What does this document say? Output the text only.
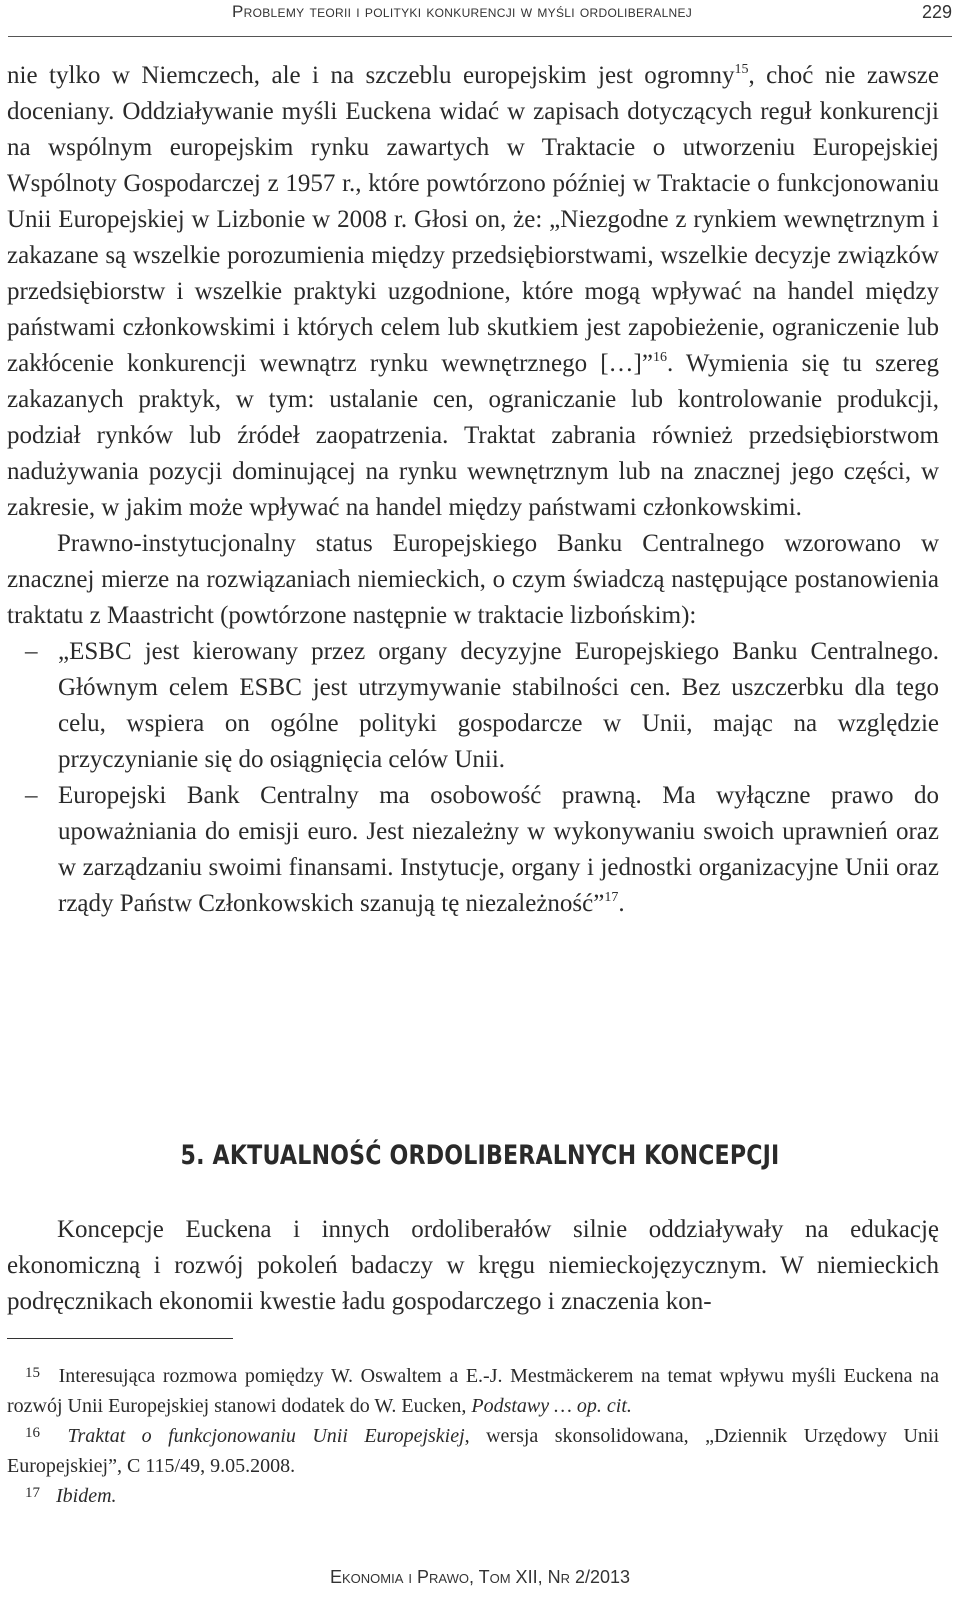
Problemy teorii i polityki konkurencji w myśli ordoliberalnej	229

nie tylko w Niemczech, ale i na szczeblu europejskim jest ogromny$^{15}$, choć nie zawsze doceniany. Oddziaływanie myśli Euckena widać w zapisach dotyczących reguł konkurencji na wspólnym europejskim rynku zawartych w Traktacie o utworzeniu Europejskiej Wspólnoty Gospodarczej z 1957 r., które powtórzono później w Traktacie o funkcjonowaniu Unii Europejskiej w Lizbonie w 2008 r. Głosi on, że: „Niezgodne z rynkiem wewnętrznym i zakazane są wszelkie porozumienia między przedsiębiorstwami, wszelkie decyzje związków przedsiębiorstw i wszelkie praktyki uzgodnione, które mogą wpływać na handel między państwami członkowskimi i których celem lub skutkiem jest zapobieżenie, ograniczenie lub zakłócenie konkurencji wewnątrz rynku wewnętrznego […]”$^{16}$. Wymienia się tu szereg zakazanych praktyk, w tym: ustalanie cen, ograniczanie lub kontrolowanie produkcji, podział rynków lub źródeł zaopatrzenia. Traktat zabrania również przedsiębiorstwom nadużywania pozycji dominującej na rynku wewnętrznym lub na znacznej jego części, w zakresie, w jakim może wpływać na handel między państwami członkowskimi.

Prawno-instytucjonalny status Europejskiego Banku Centralnego wzorowano w znacznej mierze na rozwiązaniach niemieckich, o czym świadczą następujące postanowienia traktatu z Maastricht (powtórzone następnie w traktacie lizbońskim):

– „ESBC jest kierowany przez organy decyzyjne Europejskiego Banku Centralnego. Głównym celem ESBC jest utrzymywanie stabilności cen. Bez uszczerbku dla tego celu, wspiera on ogólne polityki gospodarcze w Unii, mając na względzie przyczynianie się do osiągnięcia celów Unii.
– Europejski Bank Centralny ma osobowość prawną. Ma wyłączne prawo do upoważniania do emisji euro. Jest niezależny w wykonywaniu swoich uprawnień oraz w zarządzaniu swoimi finansami. Instytucje, organy i jednostki organizacyjne Unii oraz rządy Państw Członkowskich szanują tę niezależność”$^{17}$.
5. AKTUALNOŚĆ ORDOLIBERALNYCH KONCEPCJI

Koncepcje Euckena i innych ordoliberałów silnie oddziaływały na edukację ekonomiczną i rozwój pokoleń badaczy w kręgu niemieckojęzycznym. W niemieckich podręcznikach ekonomii kwestie ładu gospodarczego i znaczenia kon-

15 Interesująca rozmowa pomiędzy W. Oswaltem a E.-J. Mestmäckerem na temat wpływu myśli Euckena na rozwój Unii Europejskiej stanowi dodatek do W. Eucken, Podstawy … op. cit.

16 Traktat o funkcjonowaniu Unii Europejskiej, wersja skonsolidowana, „Dziennik Urzędowy Unii Europejskiej”, C 115/49, 9.05.2008.

17 Ibidem.

Ekonomia i Prawo, Tom XII, Nr 2/2013
